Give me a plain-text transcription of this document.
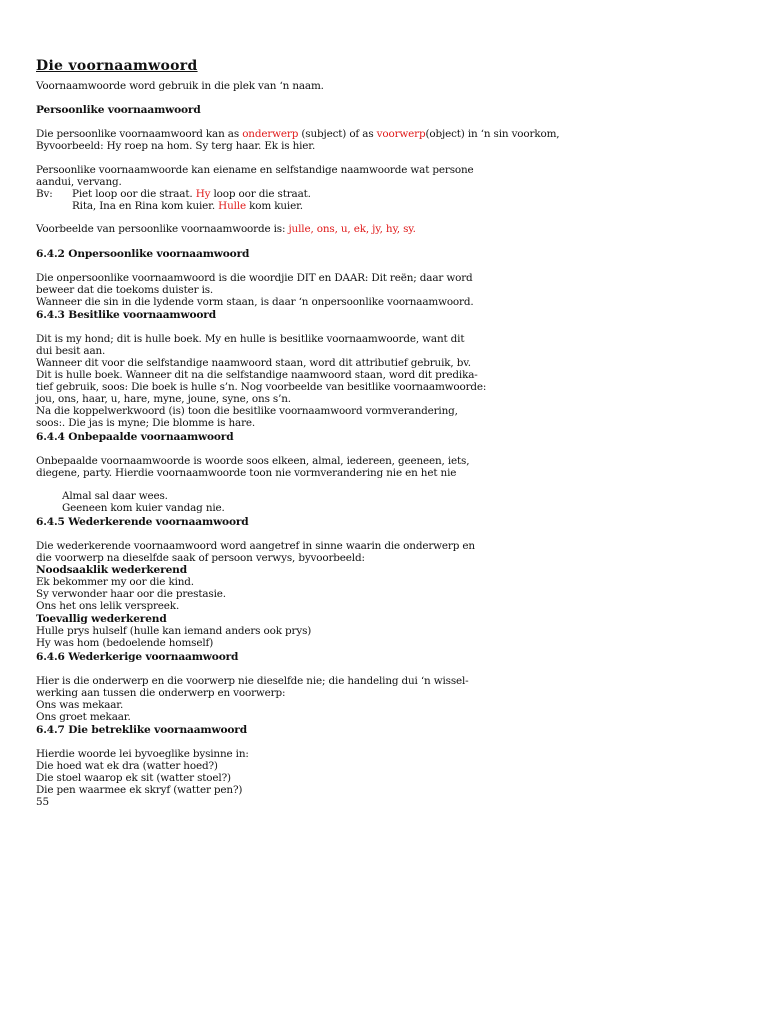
Die voornaamwoord
Voornaamwoorde word gebruik in die plek van ‘n naam.
Persoonlike voornaamwoord
Die persoonlike voornaamwoord kan as onderwerp (subject) of as voorwerp(object) in ‘n sin voorkom,
Byvoorbeeld: Hy roep na hom. Sy terg haar. Ek is hier.
Persoonlike voornaamwoorde kan eiename en selfstandige naamwoorde wat persone
aandui, vervang.
Bv: Piet loop oor die straat. Hy loop oor die straat.
Rita, Ina en Rina kom kuier. Hulle kom kuier.
Voorbeelde van persoonlike voornaamwoorde is: julle, ons, u, ek, jy, hy, sy.
6.4.2 Onpersoonlike voornaamwoord
Die onpersoonlike voornaamwoord is die woordjie DIT en DAAR: Dit reën; daar word
beweer dat die toekoms duister is.
Wanneer die sin in die lydende vorm staan, is daar ‘n onpersoonlike voornaamwoord.
6.4.3 Besitlike voornaamwoord
Dit is my hond; dit is hulle boek. My en hulle is besitlike voornaamwoorde, want dit
dui besit aan.
Wanneer dit voor die selfstandige naamwoord staan, word dit attributief gebruik, bv.
Dit is hulle boek. Wanneer dit na die selfstandige naamwoord staan, word dit predika-
tief gebruik, soos: Die boek is hulle s’n. Nog voorbeelde van besitlike voornaamwoorde:
jou, ons, haar, u, hare, myne, joune, syne, ons s’n.
Na die koppelwerkwoord (is) toon die besitlike voornaamwoord vormverandering,
soos:. Die jas is myne; Die blomme is hare.
6.4.4 Onbepaalde voornaamwoord
Onbepaalde voornaamwoorde is woorde soos elkeen, almal, iedereen, geeneen, iets,
diegene, party. Hierdie voornaamwoorde toon nie vormverandering nie en het nie
Almal sal daar wees.
Geeneen kom kuier vandag nie.
6.4.5 Wederkerende voornaamwoord
Die wederkerende voornaamwoord word aangetref in sinne waarin die onderwerp en
die voorwerp na dieselfde saak of persoon verwys, byvoorbeeld:
Noodsaaklik wederkerend
Ek bekommer my oor die kind.
Sy verwonder haar oor die prestasie.
Ons het ons lelik verspreek.
Toevallig wederkerend
Hulle prys hulself (hulle kan iemand anders ook prys)
Hy was hom (bedoelende homself)
6.4.6 Wederkerige voornaamwoord
Hier is die onderwerp en die voorwerp nie dieselfde nie; die handeling dui ‘n wissel-
werking aan tussen die onderwerp en voorwerp:
Ons was mekaar.
Ons groet mekaar.
6.4.7 Die betreklike voornaamwoord
Hierdie woorde lei byvoeglike bysinne in:
Die hoed wat ek dra (watter hoed?)
Die stoel waarop ek sit (watter stoel?)
Die pen waarmee ek skryf (watter pen?)
55
